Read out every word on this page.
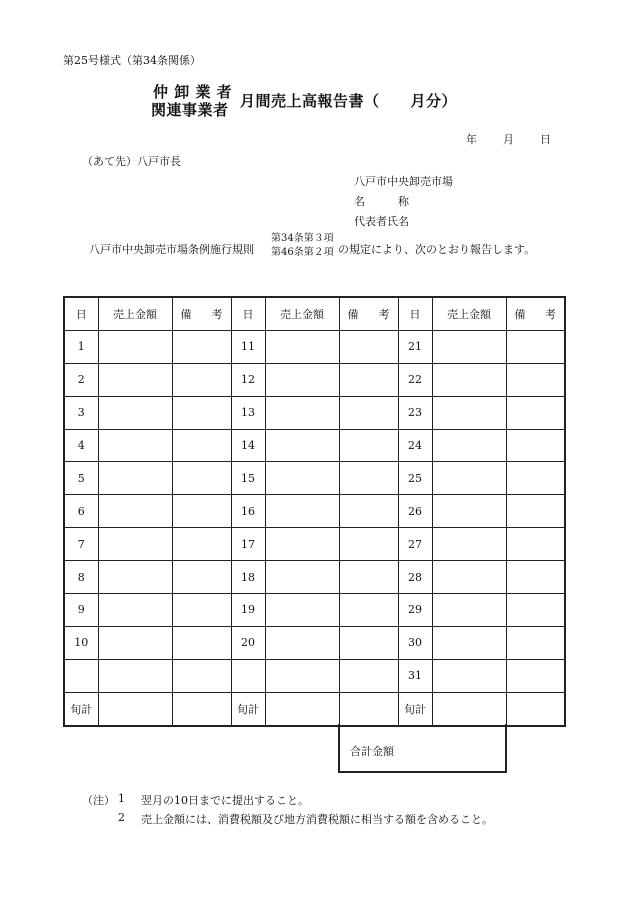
第25号様式（第34条関係）
仲 卸 業 者
関連事業者 月間売上高報告書（　　月分）
年 月 日
（あて先）八戸市長
八戸市中央卸売市場
名　　　称
代表者氏名
八戸市中央卸売市場条例施行規則
第34条第３項
第46条第２項 の規定により、次のとおり報告します。
日	売上金額	備 考	日	売上金額	備 考	日	売上金額	備 考

1			11			21		
2			12			22		
3			13			23		
4			14			24		
5			15			25		
6			16			26		
7			17			27		
8			18			28		
9			19			29		
10			20			30		
						31		
旬計			旬計			旬計		
合計金額
（注） 1 翌月の10日までに提出すること。
2 売上金額には、消費税額及び地方消費税額に相当する額を含めること。
